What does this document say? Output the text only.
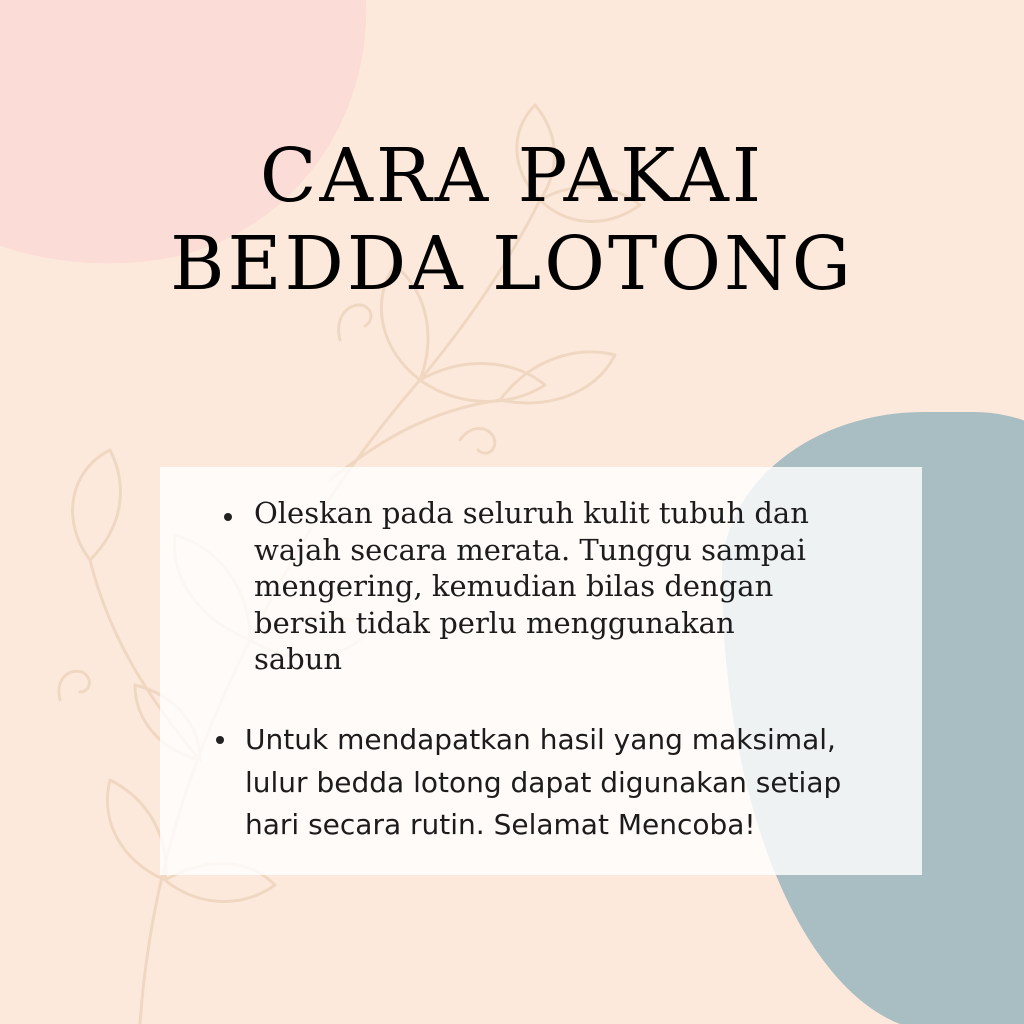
CARA PAKAI
BEDDA LOTONG
Oleskan pada seluruh kulit tubuh dan
wajah secara merata. Tunggu sampai
mengering, kemudian bilas dengan
bersih tidak perlu menggunakan
sabun
Untuk mendapatkan hasil yang maksimal,
lulur bedda lotong dapat digunakan setiap
hari secara rutin. Selamat Mencoba!
